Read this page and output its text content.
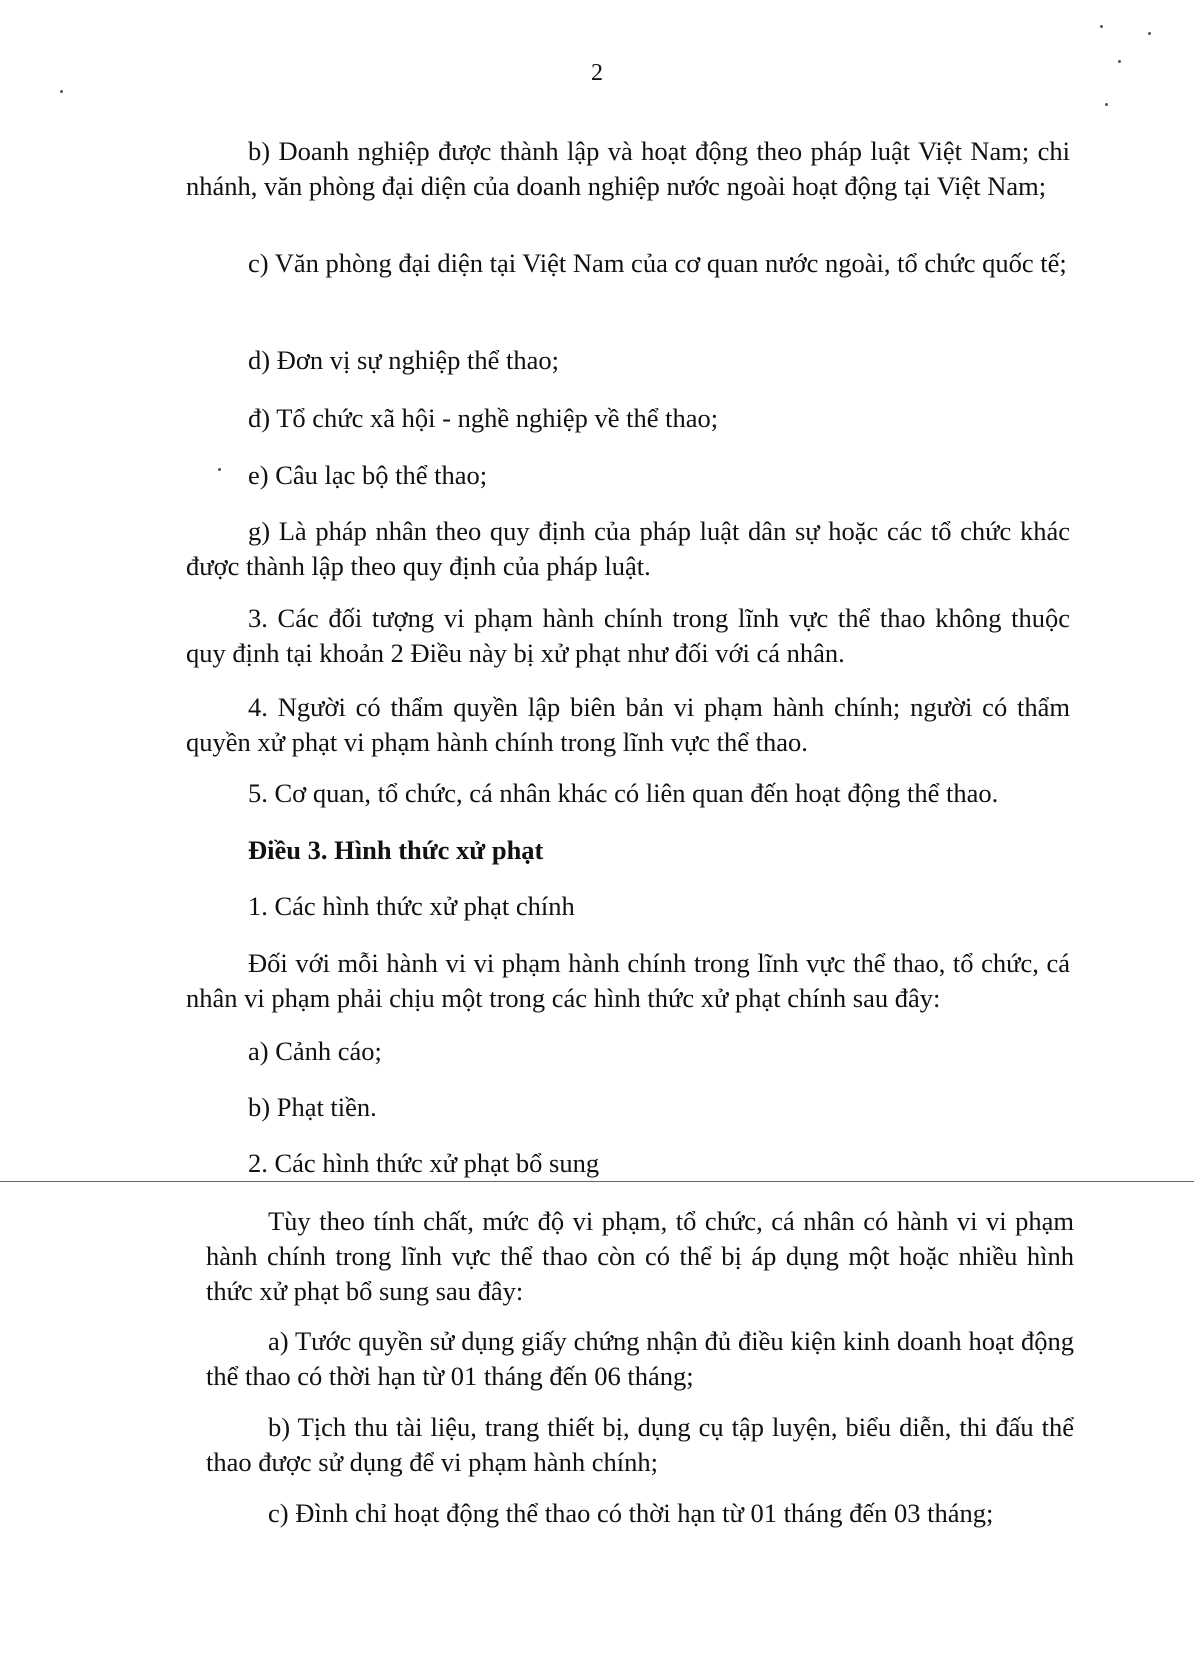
2
b) Doanh nghiệp được thành lập và hoạt động theo pháp luật Việt Nam; chi nhánh, văn phòng đại diện của doanh nghiệp nước ngoài hoạt động tại Việt Nam;
c) Văn phòng đại diện tại Việt Nam của cơ quan nước ngoài, tổ chức quốc tế;
d) Đơn vị sự nghiệp thể thao;
đ) Tổ chức xã hội - nghề nghiệp về thể thao;
e) Câu lạc bộ thể thao;
g) Là pháp nhân theo quy định của pháp luật dân sự hoặc các tổ chức khác được thành lập theo quy định của pháp luật.
3. Các đối tượng vi phạm hành chính trong lĩnh vực thể thao không thuộc quy định tại khoản 2 Điều này bị xử phạt như đối với cá nhân.
4. Người có thẩm quyền lập biên bản vi phạm hành chính; người có thẩm quyền xử phạt vi phạm hành chính trong lĩnh vực thể thao.
5. Cơ quan, tổ chức, cá nhân khác có liên quan đến hoạt động thể thao.
Điều 3. Hình thức xử phạt
1. Các hình thức xử phạt chính
Đối với mỗi hành vi vi phạm hành chính trong lĩnh vực thể thao, tổ chức, cá nhân vi phạm phải chịu một trong các hình thức xử phạt chính sau đây:
a) Cảnh cáo;
b) Phạt tiền.
2. Các hình thức xử phạt bổ sung
Tùy theo tính chất, mức độ vi phạm, tổ chức, cá nhân có hành vi vi phạm hành chính trong lĩnh vực thể thao còn có thể bị áp dụng một hoặc nhiều hình thức xử phạt bổ sung sau đây:
a) Tước quyền sử dụng giấy chứng nhận đủ điều kiện kinh doanh hoạt động thể thao có thời hạn từ 01 tháng đến 06 tháng;
b) Tịch thu tài liệu, trang thiết bị, dụng cụ tập luyện, biểu diễn, thi đấu thể thao được sử dụng để vi phạm hành chính;
c) Đình chỉ hoạt động thể thao có thời hạn từ 01 tháng đến 03 tháng;
